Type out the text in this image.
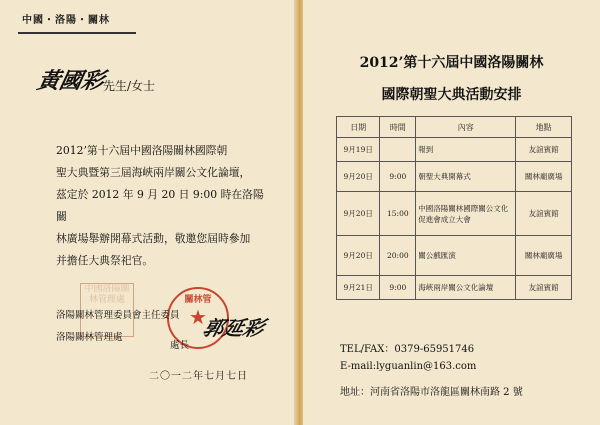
中國・洛陽・關林
黃國彩
先生/女士

2012’第十六屆中國洛陽關林國際朝

聖大典暨第三屆海峽兩岸關公文化論壇，

茲定於 2012 年 9 月 20 日 9:00 時在洛陽關

林廣場舉辦開幕式活動，敬邀您屆時參加

并擔任大典祭祀官。

中國洛陽關林管理處	關林管
★
洛陽關林管理委員會主任委員
洛陽關林管理處
處長
郭延彩
二〇一二年七月七日
2012’第十六屆中國洛陽關林
國際朝聖大典活動安排
日期	時間	內容	地點
9月19日		報到	友誼賓館
9月20日	9:00	朝聖大典開幕式	關林廟廣場
9月20日	15:00	中國洛陽關林國際關公文化促進會成立大會	友誼賓館
9月20日	20:00	關公戲匯演	關林廟廣場
9月21日	9:00	海峽兩岸關公文化論壇	友誼賓館
TEL/FAX：0379-65951746
E-mail:lyguanlin@163.com
地址：河南省洛陽市洛龍區關林南路 2 號
